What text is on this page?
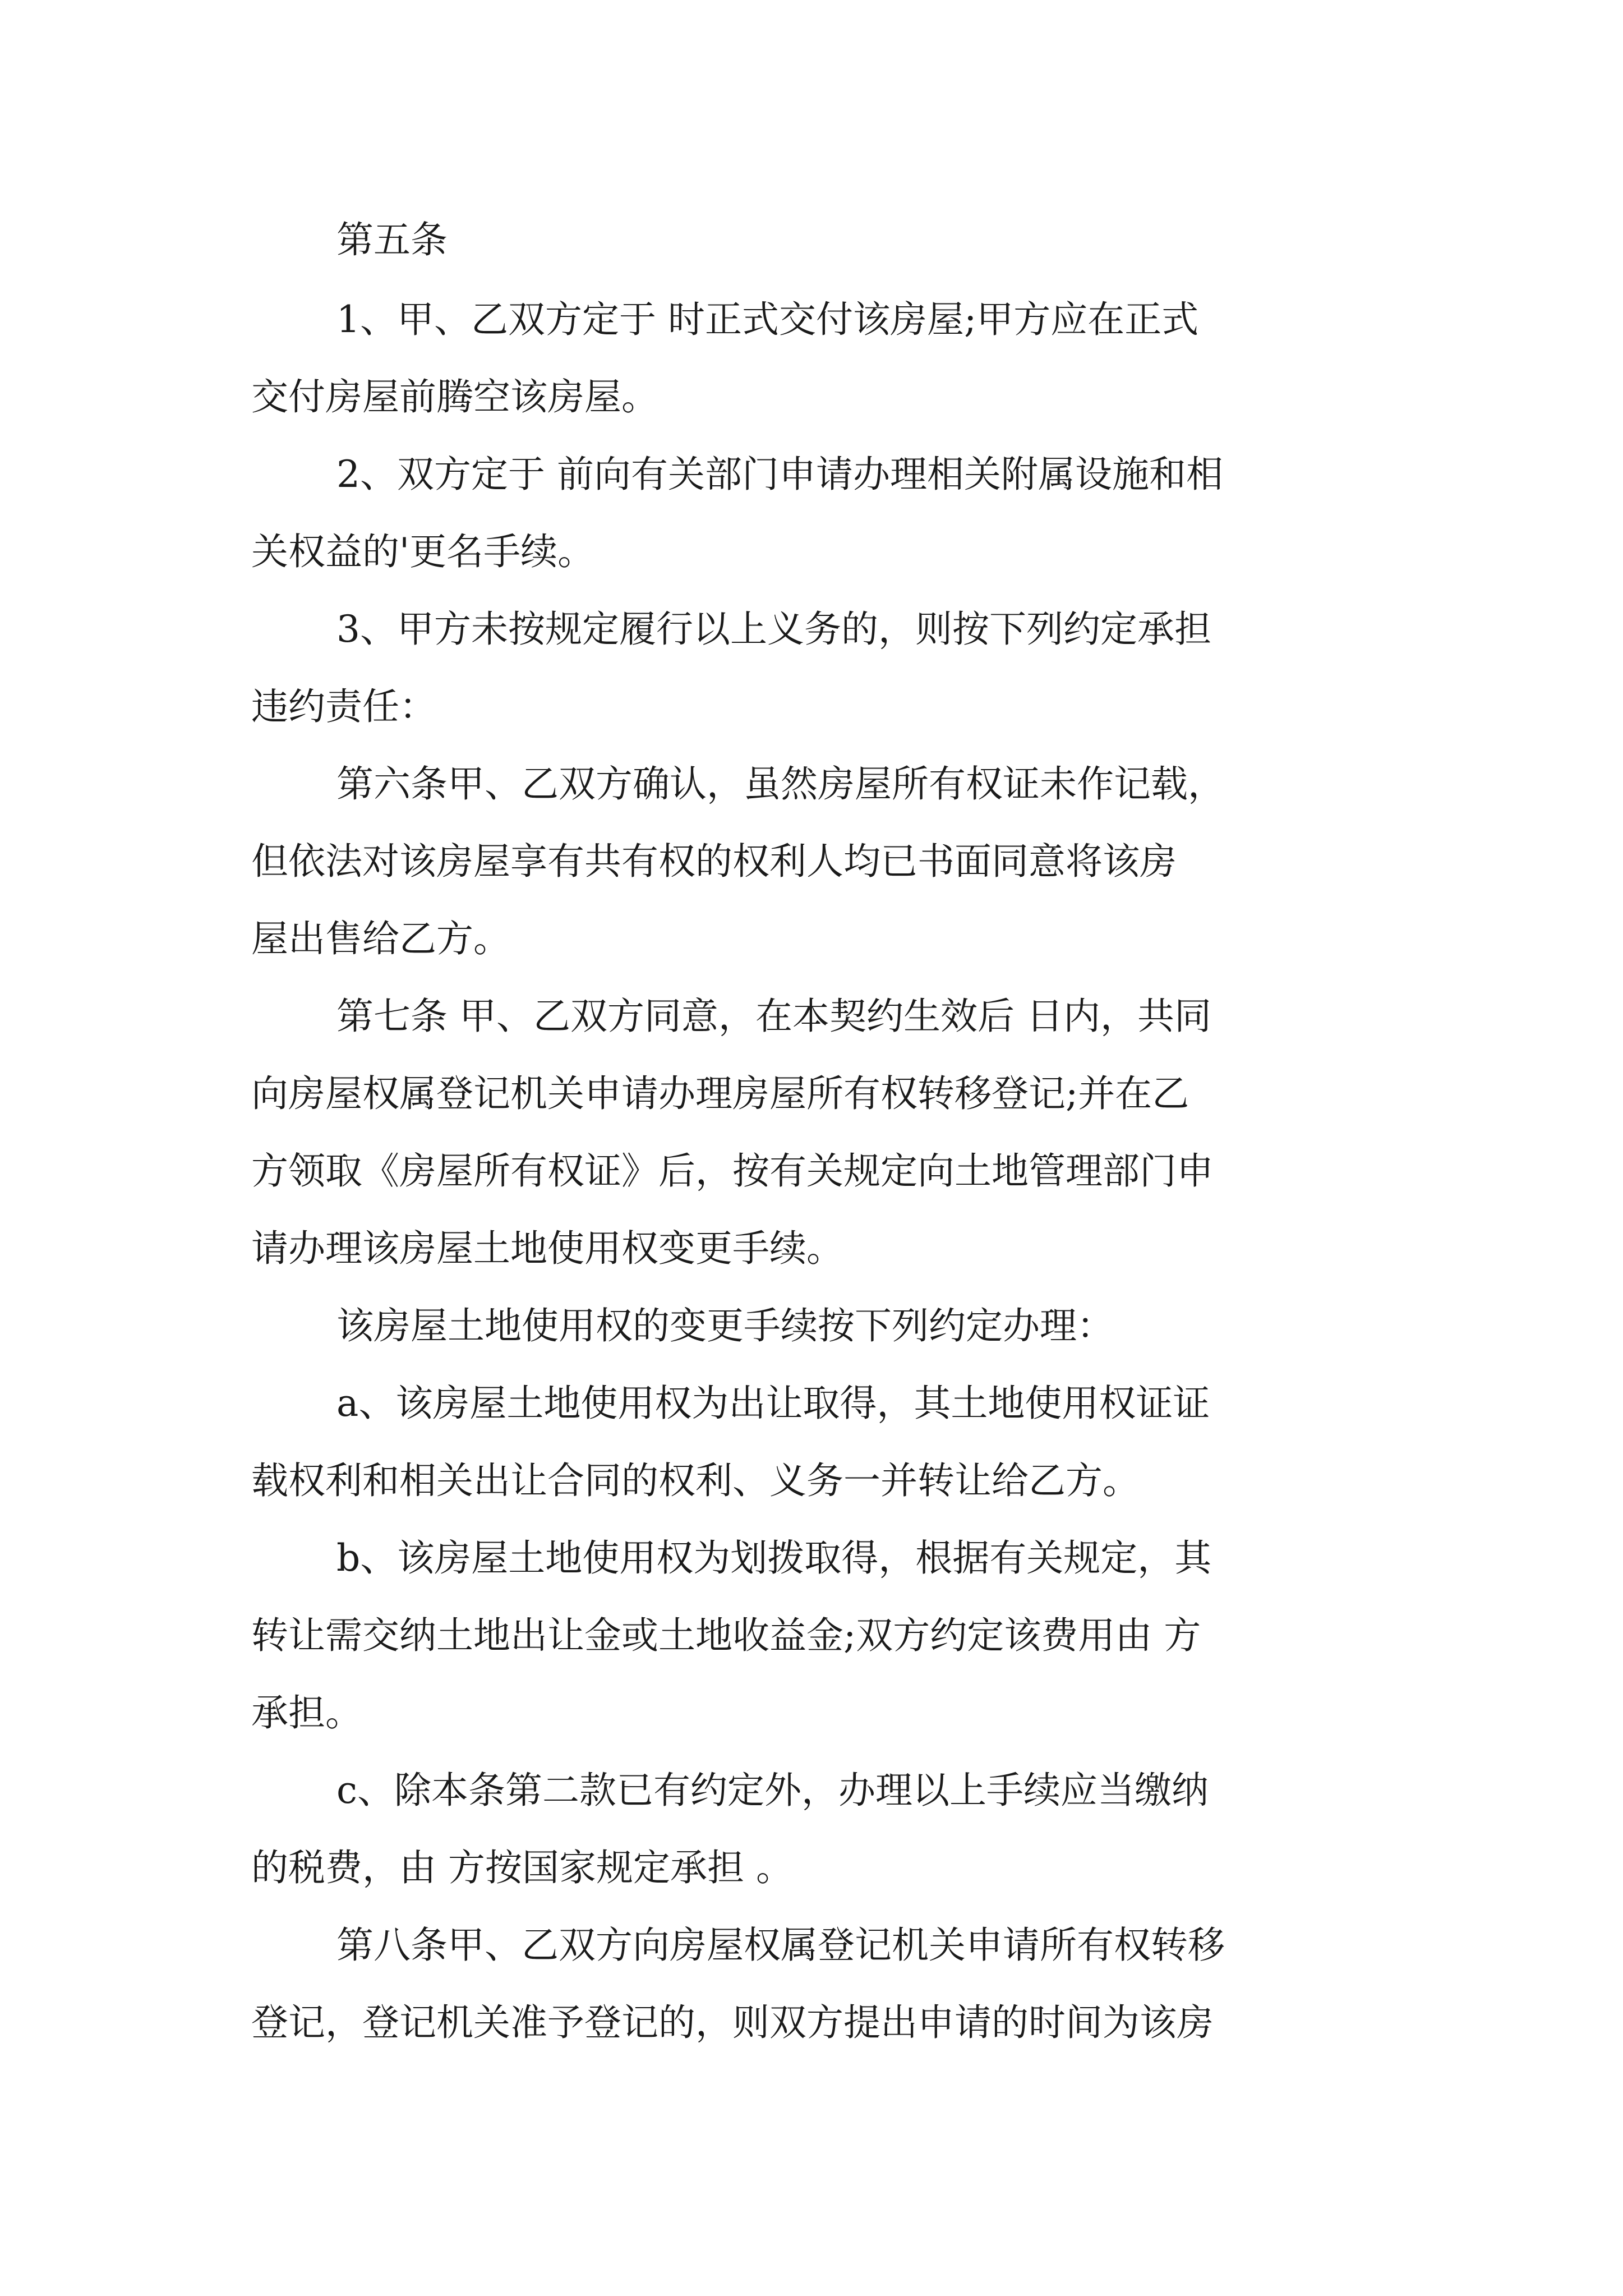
第五条
1、甲、乙双方定于 时正式交付该房屋;甲方应在正式
交付房屋前腾空该房屋。
2、双方定于 前向有关部门申请办理相关附属设施和相
关权益的'更名手续。
3、甲方未按规定履行以上义务的，则按下列约定承担
违约责任：
第六条甲、乙双方确认，虽然房屋所有权证未作记载，
但依法对该房屋享有共有权的权利人均已书面同意将该房
屋出售给乙方。
第七条 甲、乙双方同意，在本契约生效后 日内，共同
向房屋权属登记机关申请办理房屋所有权转移登记;并在乙
方领取《房屋所有权证》后，按有关规定向土地管理部门申
请办理该房屋土地使用权变更手续。
该房屋土地使用权的变更手续按下列约定办理：
a、该房屋土地使用权为出让取得，其土地使用权证证
载权利和相关出让合同的权利、义务一并转让给乙方。
b、该房屋土地使用权为划拨取得，根据有关规定，其
转让需交纳土地出让金或土地收益金;双方约定该费用由 方
承担。
c、除本条第二款已有约定外，办理以上手续应当缴纳
的税费，由 方按国家规定承担 。
第八条甲、乙双方向房屋权属登记机关申请所有权转移
登记，登记机关准予登记的，则双方提出申请的时间为该房
